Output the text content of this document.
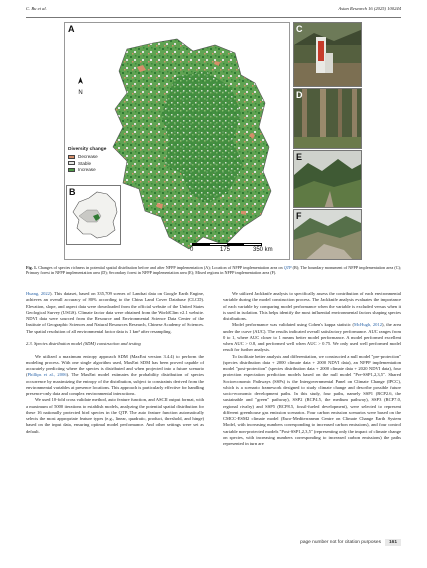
C. Bu et al.	Asian Research 16 (2025) 100244
N
A
Diversity change
Decrease
Stable
Increase
B
0	175	350 km
C
D
E
F
Fig. 1. Changes of species richness in potential spatial distribution before and after NFPP implementation (A); Location of NFPP implementation area on QTP (B); The boundary monument of NFPP implementation area (C); Primary forest in NFPP implementation area (D); Secondary forest in NFPP implementation area (E); Mixed regions in NFPP implementation area (F).

Huang, 2022). This dataset, based on 335,709 scenes of Landsat data on Google Earth Engine, achieves an overall accuracy of 80% according to the China Land Cover Database (CLCD). Elevation, slope, and aspect data were downloaded from the official website of the United States Geological Survey (USGS). Climate factor data were obtained from the WorldClim v2.1 website. NDVI data were sourced from the Resource and Environmental Science Data Center of the Institute of Geographic Sciences and Natural Resources Research, Chinese Academy of Sciences. The spatial resolution of all environmental factor data is 1 km² after resampling.

2.3. Species distribution model (SDM) construction and testing

We utilized a maximum entropy approach SDM (MaxEnt version 3.4.4) to perform the modeling process. With one single algorithm used, MaxEnt SDM has been proved capable of accurately predicting where the species is distributed and when projected into a future scenario (Phillips et al., 2006). The MaxEnt model estimates the probability distribution of species occurrence by maximizing the entropy of the distribution, subject to constraints derived from the environmental variables at presence locations. This approach is particularly effective for handling presence-only data and complex environmental interactions.

We used 10-fold cross validate method, auto feature function, and ASCII output format, with a maximum of 5000 iterations to establish models, analyzing the potential spatial distribution for these 16 nationally protected bird species in the QTP. The auto feature function automatically selects the most appropriate feature types (e.g., linear, quadratic, product, threshold, and hinge) based on the input data, ensuring optimal model performance. And other settings were set as default.

We utilized Jackknife analysis to specifically assess the contribution of each environmental variable during the model construction process. The Jackknife analysis evaluates the importance of each variable by comparing model performance when the variable is excluded versus when it is used in isolation. This helps identify the most influential environmental factors shaping species distributions.

Model performance was validated using Cohen's kappa statistic (McHugh, 2012), the area under the curve (AUC). The results indicated overall satisfactory performance. AUC ranges from 0 to 1, where AUC closer to 1 means better model performance. A model performed excellent when AUC > 0.8, and performed well when AUC > 0.75. We only used well performed model result for further analysis.

To facilitate better analysis and differentiation, we constructed a null model "pre-protection" (species distribution data + 2000 climate data + 2000 NDVI data), an NFPP implementation model "post-protection" (species distribution data + 2000 climate data + 2020 NDVI data), four protection expectation prediction models based on the null model "Pre-SSP1,2,3,5". Shared Socioeconomic Pathways (SSPs) is the Intergovernmental Panel on Climate Change (IPCC), which is a scenario framework designed to study climate change and describe possible future socio-economic development paths. In this study, four paths, namely SSP1 (RCP2.6, the sustainable and "green" pathway), SSP2 (RCP4.5, the medium pathway), SSP3 (RCP7.0, regional rivalry) and SSP5 (RCP8.5, fossil-fueled development), were selected to represent different greenhouse gas emission scenarios. Four carbon emission scenarios were based on the CMCC-ESM2 climate model (Euro-Mediterranean Centre on Climate Change Earth System Model, with increasing numbers corresponding to increased carbon emissions), and four control variable non-protected models "Post-SSP1,2,3,5" (representing only the impact of climate change on species, with increasing numbers corresponding to increased carbon emissions) the paths represented in turn are

page number not for citation purposes	161
